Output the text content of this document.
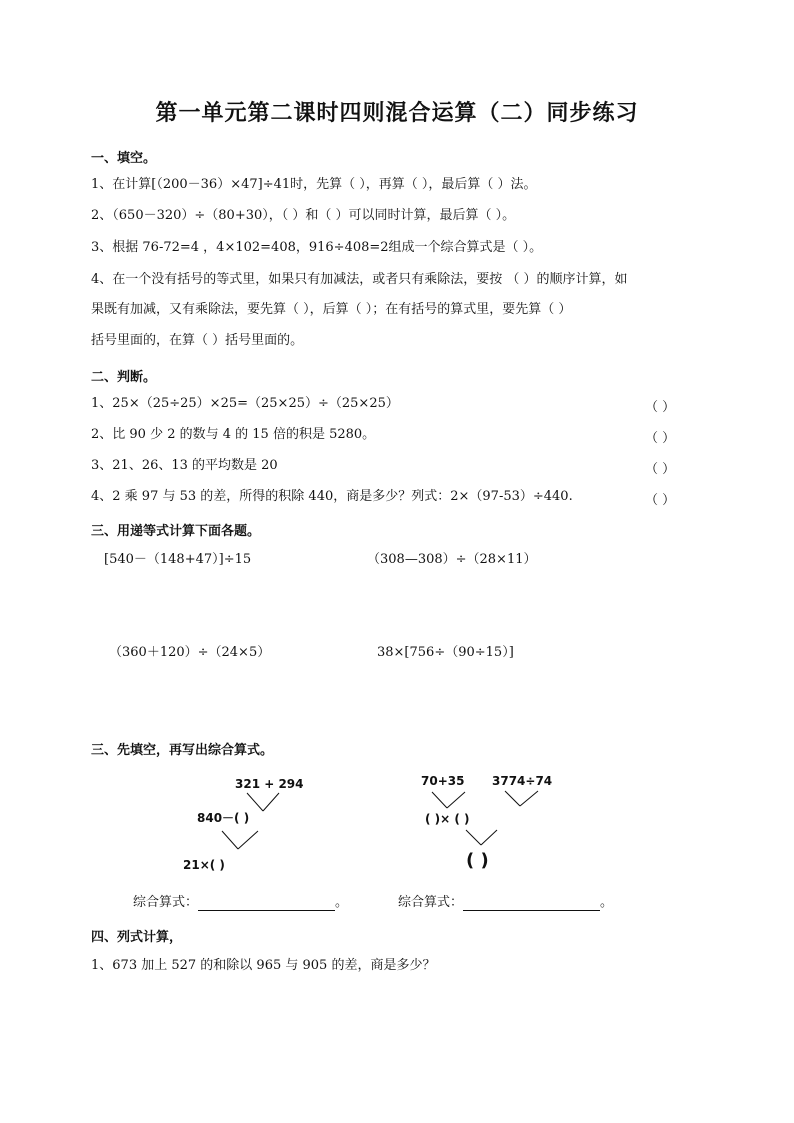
第一单元第二课时四则混合运算（二）同步练习
一、填空。
1、在计算[（200－36）×47]÷41时，先算（ ），再算（ ），最后算（ ）法。
2、（650－320）÷（80+30），（ ）和（ ）可以同时计算，最后算（ ）。
3、根据 76-72=4 ，4×102=408，916÷408=2组成一个综合算式是（ ）。
4、在一个没有括号的等式里，如果只有加减法，或者只有乘除法，要按 （ ）的顺序计算，如
果既有加减，又有乘除法，要先算（ ），后算（ ）；在有括号的算式里，要先算（ ）
括号里面的，在算（ ）括号里面的。
二、判断。
1、25×（25÷25）×25=（25×25）÷（25×25）	（ ）
2、比 90 少 2 的数与 4 的 15 倍的积是 5280。	（ ）
3、21、26、13 的平均数是 20	（ ）
4、2 乘 97 与 53 的差，所得的积除 440，商是多少？列式：2×（97-53）÷440.	（ ）
三、用递等式计算下面各题。
[540－（148+47）]÷15	（308—308）÷（28×11）
（360＋120）÷（24×5）	38×[756÷（90÷15）]
三、先填空，再写出综合算式。
321 + 294
840－( )
21×( )
70+35 3774÷74
( )× ( )
( )
综合算式：	。	综合算式：	。
四、列式计算，
1、673 加上 527 的和除以 965 与 905 的差，商是多少？
